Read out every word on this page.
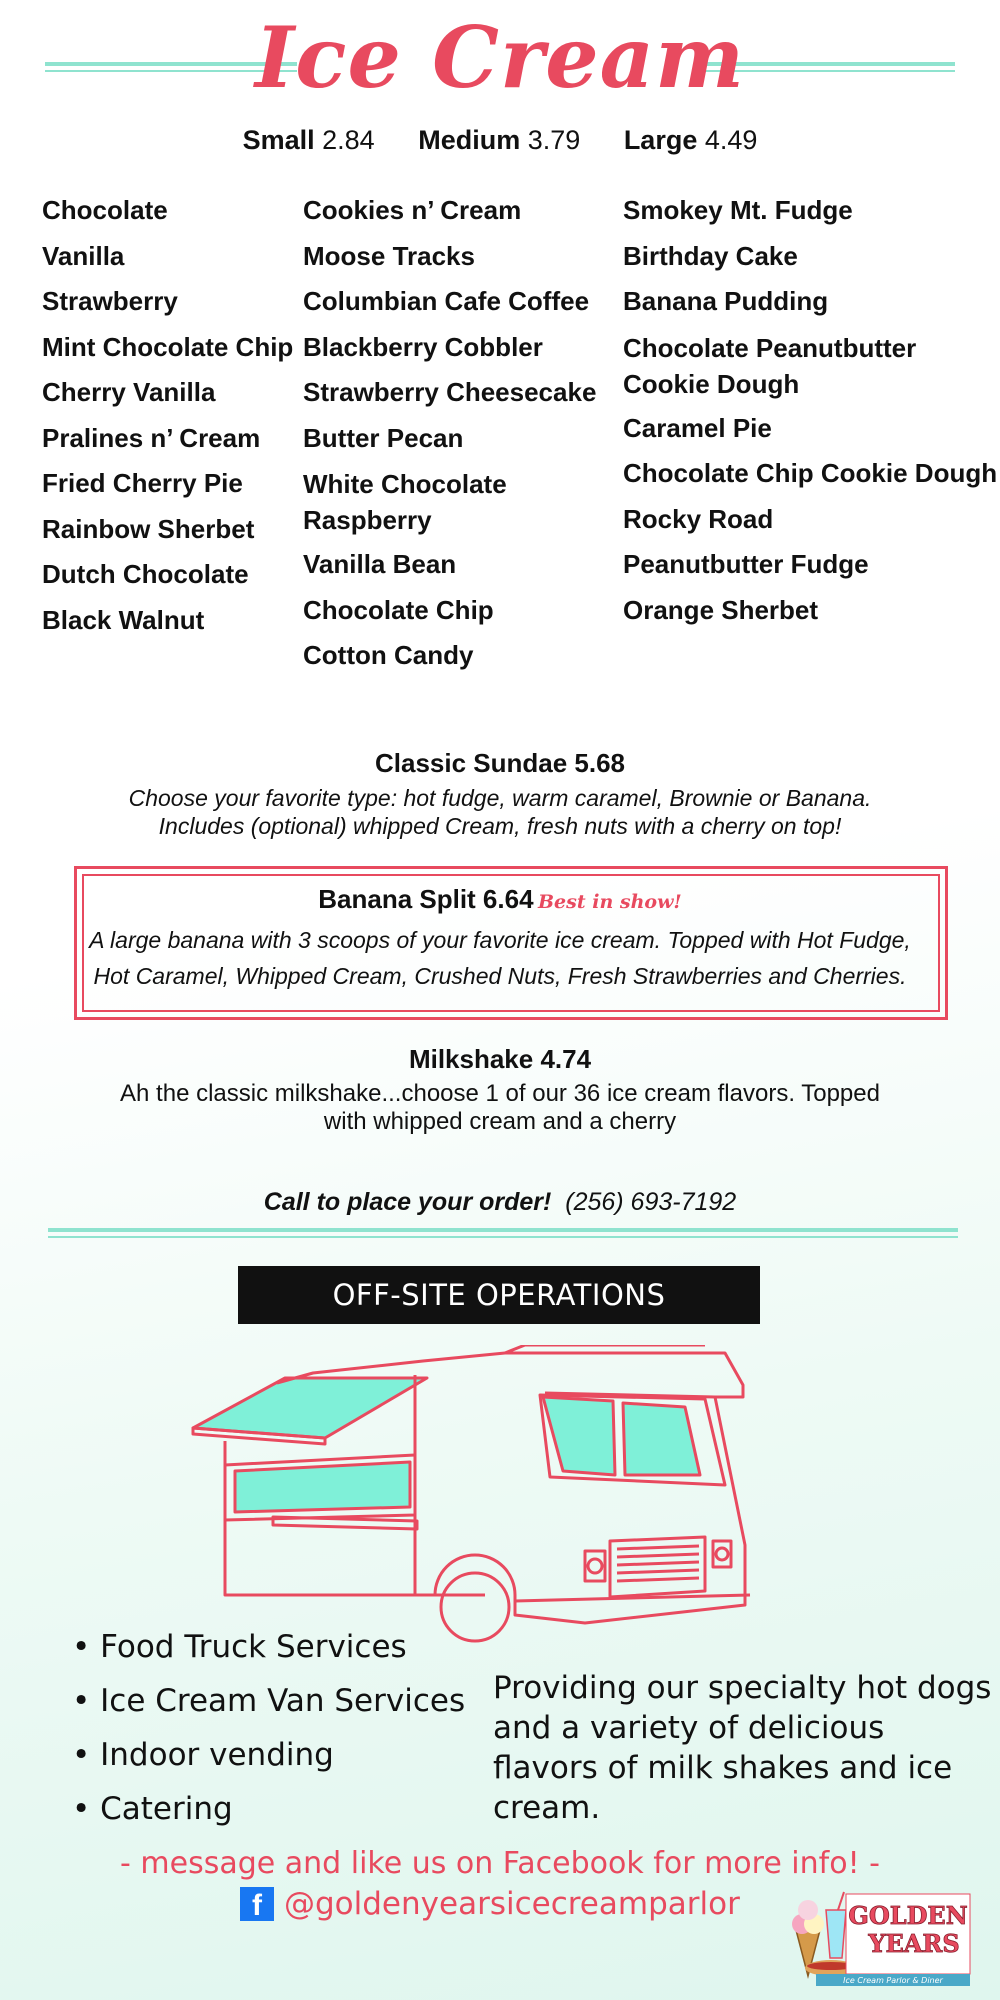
Ice Cream
Small 2.84 Medium 3.79 Large 4.49
Chocolate
Vanilla
Strawberry
Mint Chocolate Chip
Cherry Vanilla
Pralines n’ Cream
Fried Cherry Pie
Rainbow Sherbet
Dutch Chocolate
Black Walnut
Cookies n’ Cream
Moose Tracks
Columbian Cafe Coffee
Blackberry Cobbler
Strawberry Cheesecake
Butter Pecan
White Chocolate Raspberry
Vanilla Bean
Chocolate Chip
Cotton Candy
Smokey Mt. Fudge
Birthday Cake
Banana Pudding
Chocolate Peanutbutter Cookie Dough
Caramel Pie
Chocolate Chip Cookie Dough
Rocky Road
Peanutbutter Fudge
Orange Sherbet
Classic Sundae 5.68
Choose your favorite type: hot fudge, warm caramel, Brownie or Banana.
Includes (optional) whipped Cream, fresh nuts with a cherry on top!
Banana Split 6.64 Best in show!
A large banana with 3 scoops of your favorite ice cream. Topped with Hot Fudge,
Hot Caramel, Whipped Cream, Crushed Nuts, Fresh Strawberries and Cherries.
Milkshake 4.74
Ah the classic milkshake...choose 1 of our 36 ice cream flavors. Topped
with whipped cream and a cherry
Call to place your order! (256) 693-7192
OFF-SITE OPERATIONS
• Food Truck Services
• Ice Cream Van Services
• Indoor vending
• Catering
Providing our specialty hot dogs and a variety of delicious flavors of milk shakes and ice cream.
- message and like us on Facebook for more info! -
f @goldenyearsicecreamparlor	GOLDEN
YEARS
Ice Cream Parlor & Diner
